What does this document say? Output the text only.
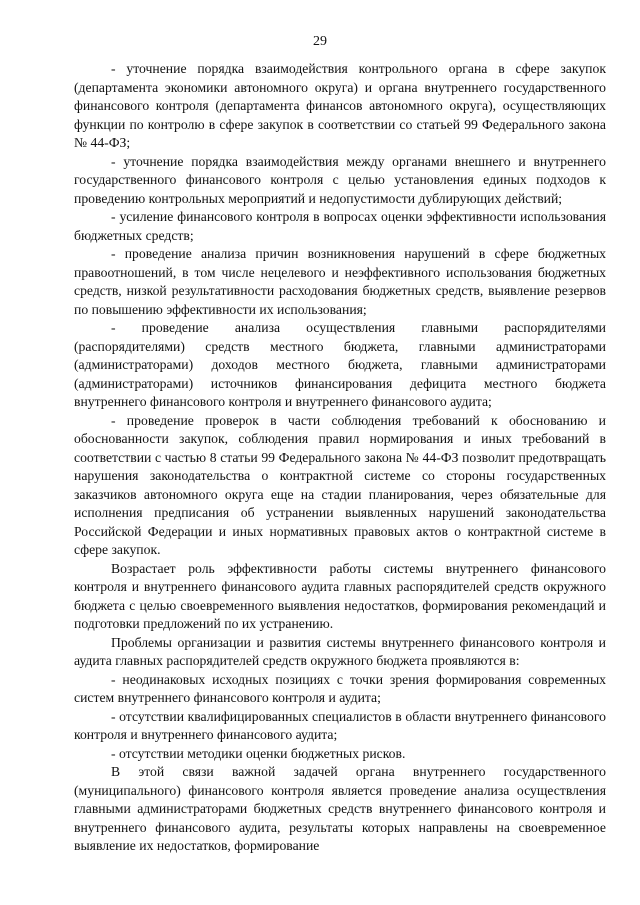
29

- уточнение порядка взаимодействия контрольного органа в сфере закупок (департамента экономики автономного округа) и органа внутреннего государственного финансового контроля (департамента финансов автономного округа), осуществляющих функции по контролю в сфере закупок в соответствии со статьей 99 Федерального закона № 44-ФЗ;

- уточнение порядка взаимодействия между органами внешнего и внутреннего государственного финансового контроля с целью установления единых подходов к проведению контрольных мероприятий и недопустимости дублирующих действий;

- усиление финансового контроля в вопросах оценки эффективности использования бюджетных средств;

- проведение анализа причин возникновения нарушений в сфере бюджетных правоотношений, в том числе нецелевого и неэффективного использования бюджетных средств, низкой результативности расходования бюджетных средств, выявление резервов по повышению эффективности их использования;

- проведение анализа осуществления главными распорядителями (распорядителями) средств местного бюджета, главными администраторами (администраторами) доходов местного бюджета, главными администраторами (администраторами) источников финансирования дефицита местного бюджета внутреннего финансового контроля и внутреннего финансового аудита;

- проведение проверок в части соблюдения требований к обоснованию и обоснованности закупок, соблюдения правил нормирования и иных требований в соответствии с частью 8 статьи 99 Федерального закона № 44-ФЗ позволит предотвращать нарушения законодательства о контрактной системе со стороны государственных заказчиков автономного округа еще на стадии планирования, через обязательные для исполнения предписания об устранении выявленных нарушений законодательства Российской Федерации и иных нормативных правовых актов о контрактной системе в сфере закупок.

Возрастает роль эффективности работы системы внутреннего финансового контроля и внутреннего финансового аудита главных распорядителей средств окружного бюджета с целью своевременного выявления недостатков, формирования рекомендаций и подготовки предложений по их устранению.

Проблемы организации и развития системы внутреннего финансового контроля и аудита главных распорядителей средств окружного бюджета проявляются в:

- неодинаковых исходных позициях с точки зрения формирования современных систем внутреннего финансового контроля и аудита;

- отсутствии квалифицированных специалистов в области внутреннего финансового контроля и внутреннего финансового аудита;

- отсутствии методики оценки бюджетных рисков.

В этой связи важной задачей органа внутреннего государственного (муниципального) финансового контроля является проведение анализа осуществления главными администраторами бюджетных средств внутреннего финансового контроля и внутреннего финансового аудита, результаты которых направлены на своевременное выявление их недостатков, формирование
